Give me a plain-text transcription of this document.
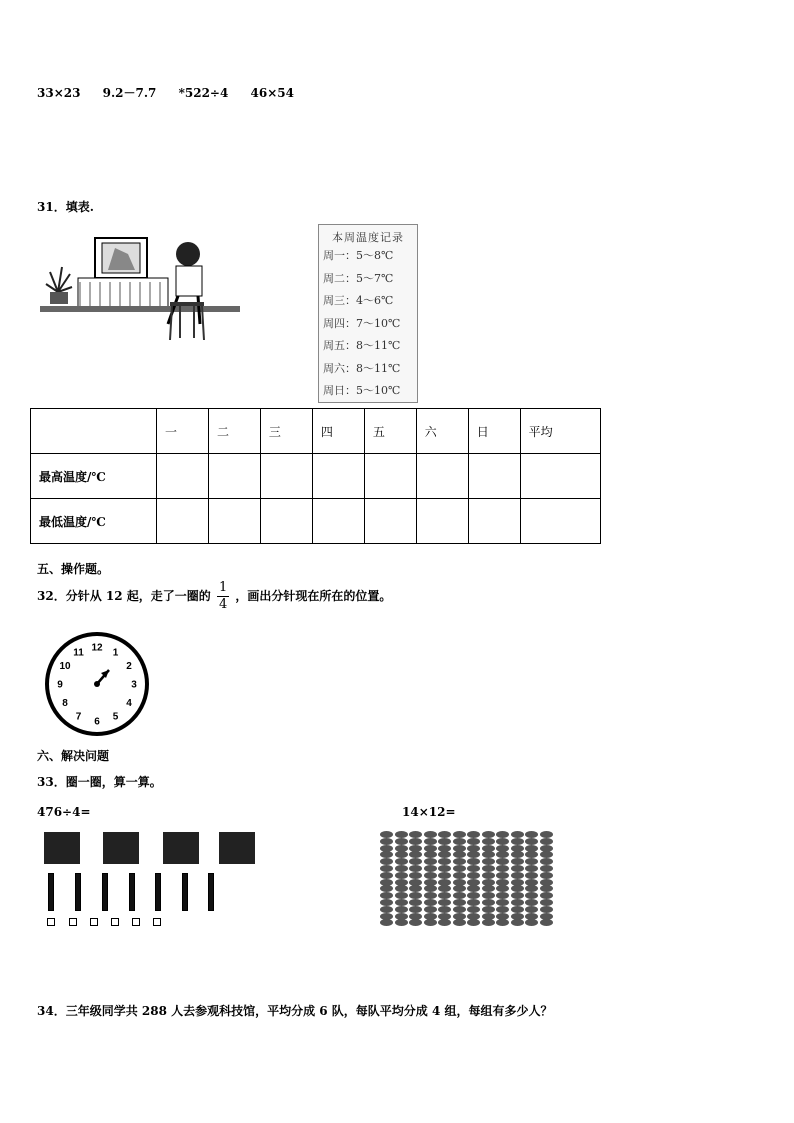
33×23 9.2－7.7 *522÷4 46×54
31．填表.
本周温度记录
周一：5～8℃
周二：5～7℃
周三：4～6℃
周四：7～10℃
周五：8～11℃
周六：8～11℃
周日：5～10℃
	一	二	三	四	五	六	日	平均
最高温度/℃								
最低温度/℃								
五、操作题。
32．分针从 12 起，走了一圈的 $\frac{1}{4}$ ，画出分针现在所在的位置。
12 1
2
3
4
5
6
7
8
9
10
11
六、解决问题
33．圈一圈，算一算。
476÷4=	14×12=
34．三年级同学共 288 人去参观科技馆，平均分成 6 队，每队平均分成 4 组，每组有多少人？
